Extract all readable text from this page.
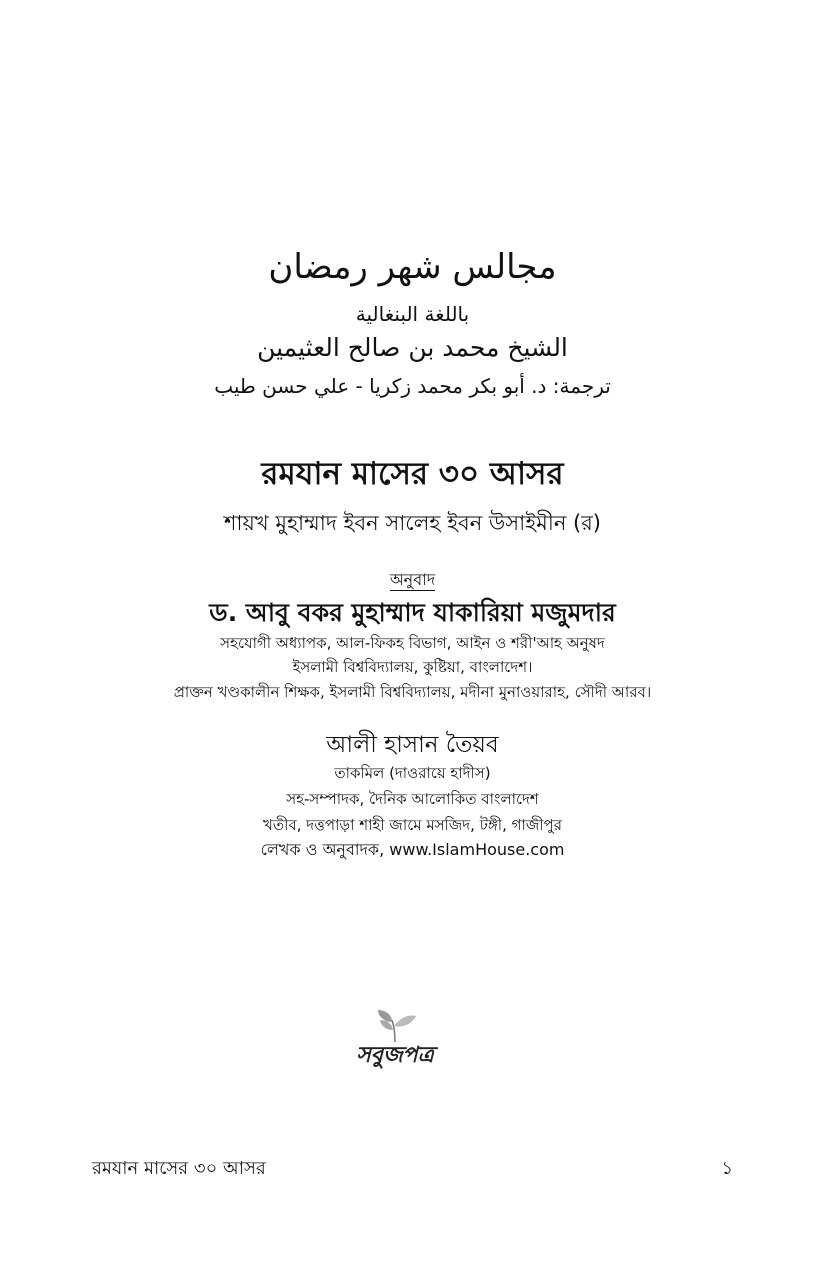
مجالس شهر رمضان

باللغة البنغالية

الشيخ محمد بن صالح العثيمين

ترجمة: د. أبو بكر محمد زكريا - علي حسن طيب

রমযান মাসের ৩০ আসর

শায়খ মুহাম্মাদ ইবন সালেহ ইবন উসাইমীন (র)

অনুবাদ

ড. আবু বকর মুহাম্মাদ যাকারিয়া মজুমদার

সহযোগী অধ্যাপক, আল-ফিকহ বিভাগ, আইন ও শরী'আহ অনুষদ

ইসলামী বিশ্ববিদ্যালয়, কুষ্টিয়া, বাংলাদেশ।

প্রাক্তন খণ্ডকালীন শিক্ষক, ইসলামী বিশ্ববিদ্যালয়, মদীনা মুনাওয়ারাহ, সৌদী আরব।

আলী হাসান তৈয়ব

তাকমিল (দাওরায়ে হাদীস)

সহ-সম্পাদক, দৈনিক আলোকিত বাংলাদেশ

খতীব, দত্তপাড়া শাহী জামে মসজিদ, টঙ্গী, গাজীপুর

লেখক ও অনুবাদক, www.IslamHouse.com

সবুজপত্র
রমযান মাসের ৩০ আসর	১
